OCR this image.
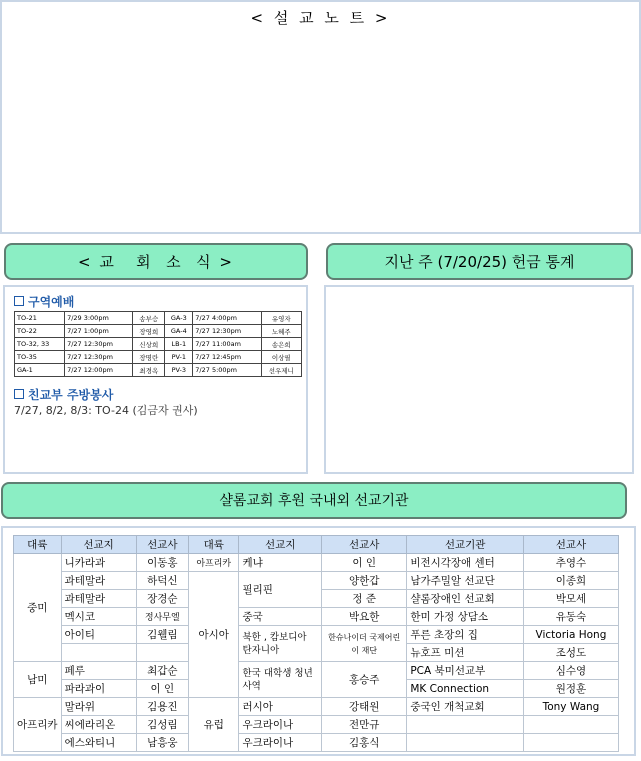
< 설 교 노 트 >
< 교   회  소  식 >
구역예배
TO-21	7/29 3:00pm	송부승	GA-3	7/27 4:00pm	유영자
TO-22	7/27 1:00pm	장영희	GA-4	7/27 12:30pm	노혜주
TO-32, 33	7/27 12:30pm	신상희	LB-1	7/27 11:00am	송은희
TO-35	7/27 12:30pm	장명란	PV-1	7/27 12:45pm	이상필
GA-1	7/27 12:00pm	최경옥	PV-3	7/27 5:00pm	선우제니
친교부 주방봉사
7/27, 8/2, 8/3: TO-24 (김금자 권사)
지난 주 (7/20/25) 헌금 통계
샬롬교회 후원 국내외 선교기관
대륙	선교지	선교사	대륙	선교지	선교사	선교기관	선교사
중미	니카라과	이동홍	아프리카	케냐	이 인	비전시각장애 센터	추영수
	과테말라	하덕신	아시아	필리핀	양한갑	남가주밀알 선교단	이종희
	과테말라	장경순			정 준	샬롬장애인 선교회	박모세
	멕시코	정사무엘		중국	박요한	한미 가정 상담소	유동숙
	아이티	김웰림		북한 , 캄보디아 탄자니아	한슈나이더 국제어린이 재단	푸른 초장의 집	Victoria Hong
						뉴호프 미션	조성도
남미	페루	최갑순		한국 대학생 청년 사역	홍승주	PCA 북미선교부	심수영
	파라과이	이 인				MK Connection	원정훈
아프리카	말라위	김용진	유럽	러시아	강태원	중국인 개척교회	Tony Wang
	씨에라리온	김성림		우크라이나	전만규		
	에스와티니	남흥웅		우크라이나	김홍식		
